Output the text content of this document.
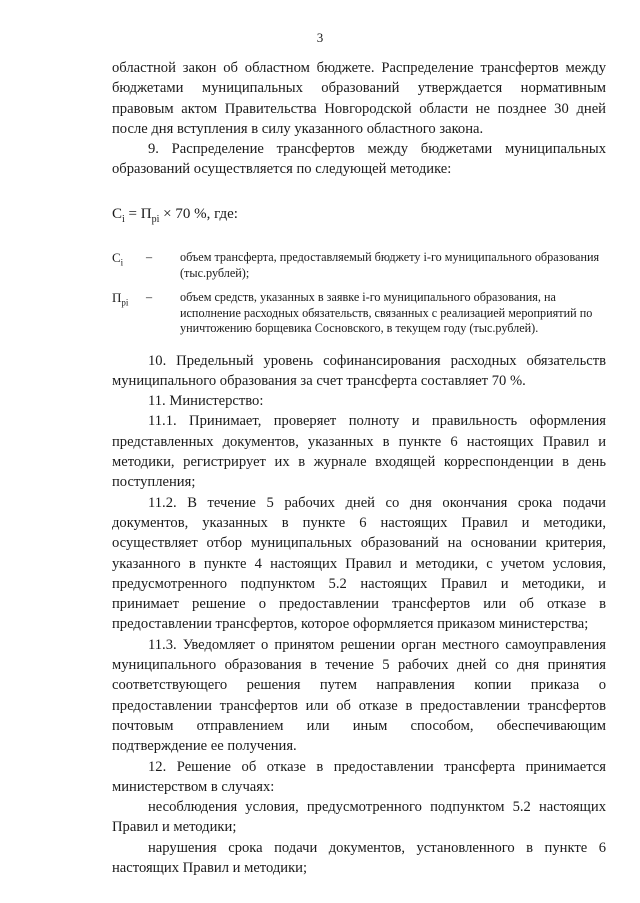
3

областной закон об областном бюджете. Распределение трансфертов между бюджетами муниципальных образований утверждается нормативным правовым актом Правительства Новгородской области не позднее 30 дней после дня вступления в силу указанного областного закона.

9. Распределение трансфертов между бюджетами муниципальных образований осуществляется по следующей методике:

$С_i = П_{pi} \times 70$ %, где:

$С_i$	–	объем трансферта, предоставляемый бюджету i-го муниципального образования (тыс.рублей);
$П_{pi}$	–	объем средств, указанных в заявке i-го муниципального образования, на исполнение расходных обязательств, связанных с реализацией мероприятий по уничтожению борщевика Сосновского, в текущем году (тыс.рублей).

10. Предельный уровень софинансирования расходных обязательств муниципального образования за счет трансферта составляет 70 %.

11. Министерство:

11.1. Принимает, проверяет полноту и правильность оформления представленных документов, указанных в пункте 6 настоящих Правил и методики, регистрирует их в журнале входящей корреспонденции в день поступления;

11.2. В течение 5 рабочих дней со дня окончания срока подачи документов, указанных в пункте 6 настоящих Правил и методики, осуществляет отбор муниципальных образований на основании критерия, указанного в пункте 4 настоящих Правил и методики, с учетом условия, предусмотренного подпунктом 5.2 настоящих Правил и методики, и принимает решение о предоставлении трансфертов или об отказе в предоставлении трансфертов, которое оформляется приказом министерства;

11.3. Уведомляет о принятом решении орган местного самоуправления муниципального образования в течение 5 рабочих дней со дня принятия соответствующего решения путем направления копии приказа о предоставлении трансфертов или об отказе в предоставлении трансфертов почтовым отправлением или иным способом, обеспечивающим подтверждение ее получения.

12. Решение об отказе в предоставлении трансферта принимается министерством в случаях:

несоблюдения условия, предусмотренного подпунктом 5.2 настоящих Правил и методики;

нарушения срока подачи документов, установленного в пункте 6 настоящих Правил и методики;
